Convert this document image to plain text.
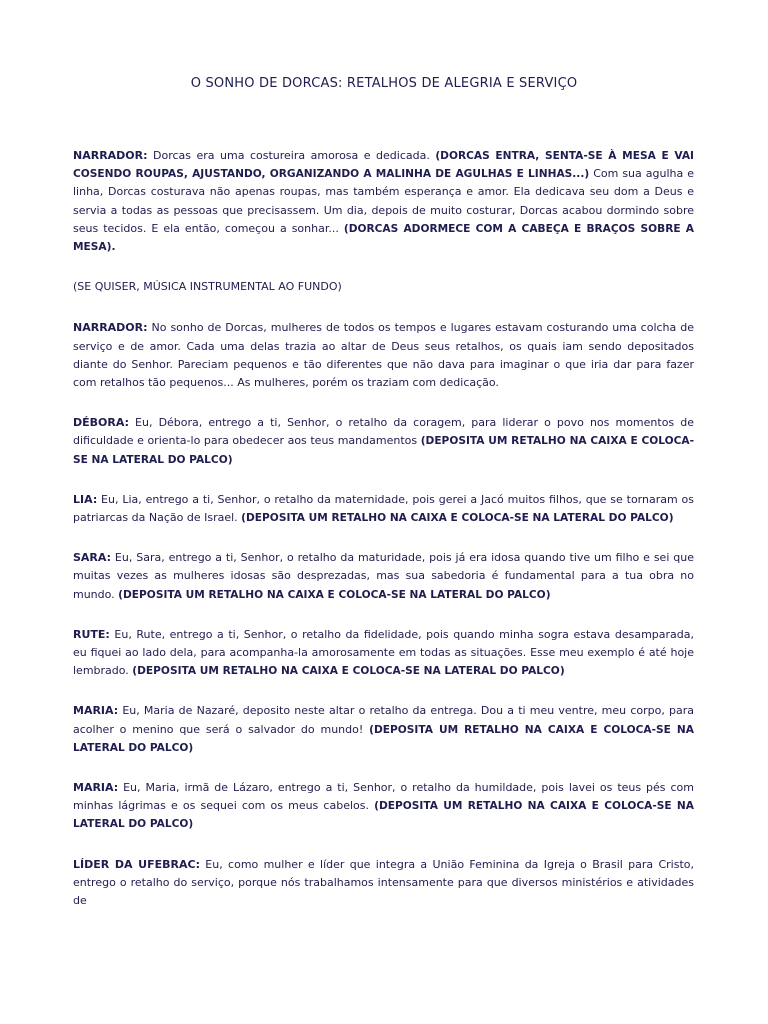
O SONHO DE DORCAS: RETALHOS DE ALEGRIA E SERVIÇO

NARRADOR: Dorcas era uma costureira amorosa e dedicada. (DORCAS ENTRA, SENTA-SE À MESA E VAI COSENDO ROUPAS, AJUSTANDO, ORGANIZANDO A MALINHA DE AGULHAS E LINHAS...) Com sua agulha e linha, Dorcas costurava não apenas roupas, mas também esperança e amor. Ela dedicava seu dom a Deus e servia a todas as pessoas que precisassem. Um dia, depois de muito costurar, Dorcas acabou dormindo sobre seus tecidos. E ela então, começou a sonhar... (DORCAS ADORMECE COM A CABEÇA E BRAÇOS SOBRE A MESA).

(SE QUISER, MÚSICA INSTRUMENTAL AO FUNDO)

NARRADOR: No sonho de Dorcas, mulheres de todos os tempos e lugares estavam costurando uma colcha de serviço e de amor. Cada uma delas trazia ao altar de Deus seus retalhos, os quais iam sendo depositados diante do Senhor. Pareciam pequenos e tão diferentes que não dava para imaginar o que iria dar para fazer com retalhos tão pequenos... As mulheres, porém os traziam com dedicação.

DÉBORA: Eu, Débora, entrego a ti, Senhor, o retalho da coragem, para liderar o povo nos momentos de dificuldade e orienta-lo para obedecer aos teus mandamentos (DEPOSITA UM RETALHO NA CAIXA E COLOCA-SE NA LATERAL DO PALCO)

LIA: Eu, Lia, entrego a ti, Senhor, o retalho da maternidade, pois gerei a Jacó muitos filhos, que se tornaram os patriarcas da Nação de Israel. (DEPOSITA UM RETALHO NA CAIXA E COLOCA-SE NA LATERAL DO PALCO)

SARA: Eu, Sara, entrego a ti, Senhor, o retalho da maturidade, pois já era idosa quando tive um filho e sei que muitas vezes as mulheres idosas são desprezadas, mas sua sabedoria é fundamental para a tua obra no mundo. (DEPOSITA UM RETALHO NA CAIXA E COLOCA-SE NA LATERAL DO PALCO)

RUTE: Eu, Rute, entrego a ti, Senhor, o retalho da fidelidade, pois quando minha sogra estava desamparada, eu fiquei ao lado dela, para acompanha-la amorosamente em todas as situações. Esse meu exemplo é até hoje lembrado. (DEPOSITA UM RETALHO NA CAIXA E COLOCA-SE NA LATERAL DO PALCO)

MARIA: Eu, Maria de Nazaré, deposito neste altar o retalho da entrega. Dou a ti meu ventre, meu corpo, para acolher o menino que será o salvador do mundo! (DEPOSITA UM RETALHO NA CAIXA E COLOCA-SE NA LATERAL DO PALCO)

MARIA: Eu, Maria, irmã de Lázaro, entrego a ti, Senhor, o retalho da humildade, pois lavei os teus pés com minhas lágrimas e os sequei com os meus cabelos. (DEPOSITA UM RETALHO NA CAIXA E COLOCA-SE NA LATERAL DO PALCO)

LÍDER DA UFEBRAC: Eu, como mulher e líder que integra a União Feminina da Igreja o Brasil para Cristo, entrego o retalho do serviço, porque nós trabalhamos intensamente para que diversos ministérios e atividades de
